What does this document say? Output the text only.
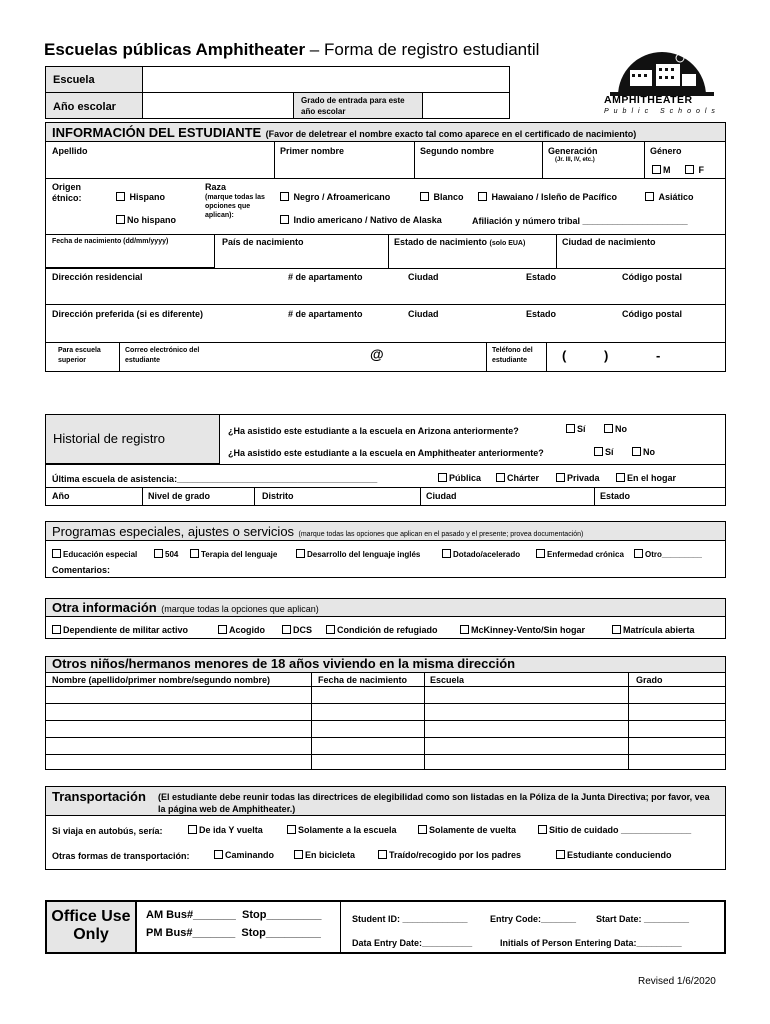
Escuelas públicas Amphitheater – Forma de registro estudiantil
AMPHITHEATER
Public Schools
Escuela
Año escolar
Grado de entrada para este año escolar
INFORMACIÓN DEL ESTUDIANTE (Favor de deletrear el nombre exacto tal como aparece en el certificado de nacimiento)
Apellido	Primer nombre	Segundo nombre	Generación
(Jr. III, IV, etc.)
Género
M	F
Origen étnico:	Hispano
No hispano
Raza
(marque todas las opciones que aplican):
Negro / Afroamericano	Blanco	Hawaiano / Isleño de Pacífico	Asiático
Indio americano / Nativo de Alaska	Afiliación y número tribal _____________________
Fecha de nacimiento (dd/mm/yyyy)	País de nacimiento	Estado de nacimiento (solo EUA)	Ciudad de nacimiento
Dirección residencial	# de apartamento	Ciudad	Estado	Código postal
Dirección preferida (si es diferente)	# de apartamento	Ciudad	Estado	Código postal
Para escuela superior
Correo electrónico del estudiante	@	Teléfono del estudiante	(	)	-
Historial de registro	¿Ha asistido este estudiante a la escuela en Arizona anteriormente?	Sí	No
¿Ha asistido este estudiante a la escuela en Amphitheater anteriormente?	Sí	No
Última escuela de asistencia:________________________________________	Pública	Chárter	Privada	En el hogar
Año	Nivel de grado	Distrito	Ciudad	Estado
Programas especiales, ajustes o servicios (marque todas las opciones que aplican en el pasado y el presente; provea documentación)
Educación especial	504	Terapia del lenguaje	Desarrollo del lenguaje inglés	Dotado/acelerado	Enfermedad crónica	Otro_________
Comentarios:
Otra información (marque todas la opciones que aplican)
Dependiente de militar activo	Acogido	DCS	Condición de refugiado	McKinney-Vento/Sin hogar	Matrícula abierta
Otros niños/hermanos menores de 18 años viviendo en la misma dirección
Nombre (apellido/primer nombre/segundo nombre)	Fecha de nacimiento	Escuela	Grado
Transportación (El estudiante debe reunir todas las directrices de elegibilidad como son listadas en la Póliza de la Junta Directiva; por favor, vea la página web de Amphitheater.)
Si viaja en autobús, sería:	De ida Y vuelta	Solamente a la escuela	Solamente de vuelta	Sitio de cuidado ______________
Otras formas de transportación:	Caminando	En bicicleta	Traído/recogido por los padres	Estudiante conduciendo
Office Use Only
AM Bus#_______  Stop_________
PM Bus#_______  Stop_________
Student ID: _____________ Entry Code:_______ Start Date: _________
Data Entry Date:__________	Initials of Person Entering Data:_________
Revised 1/6/2020
